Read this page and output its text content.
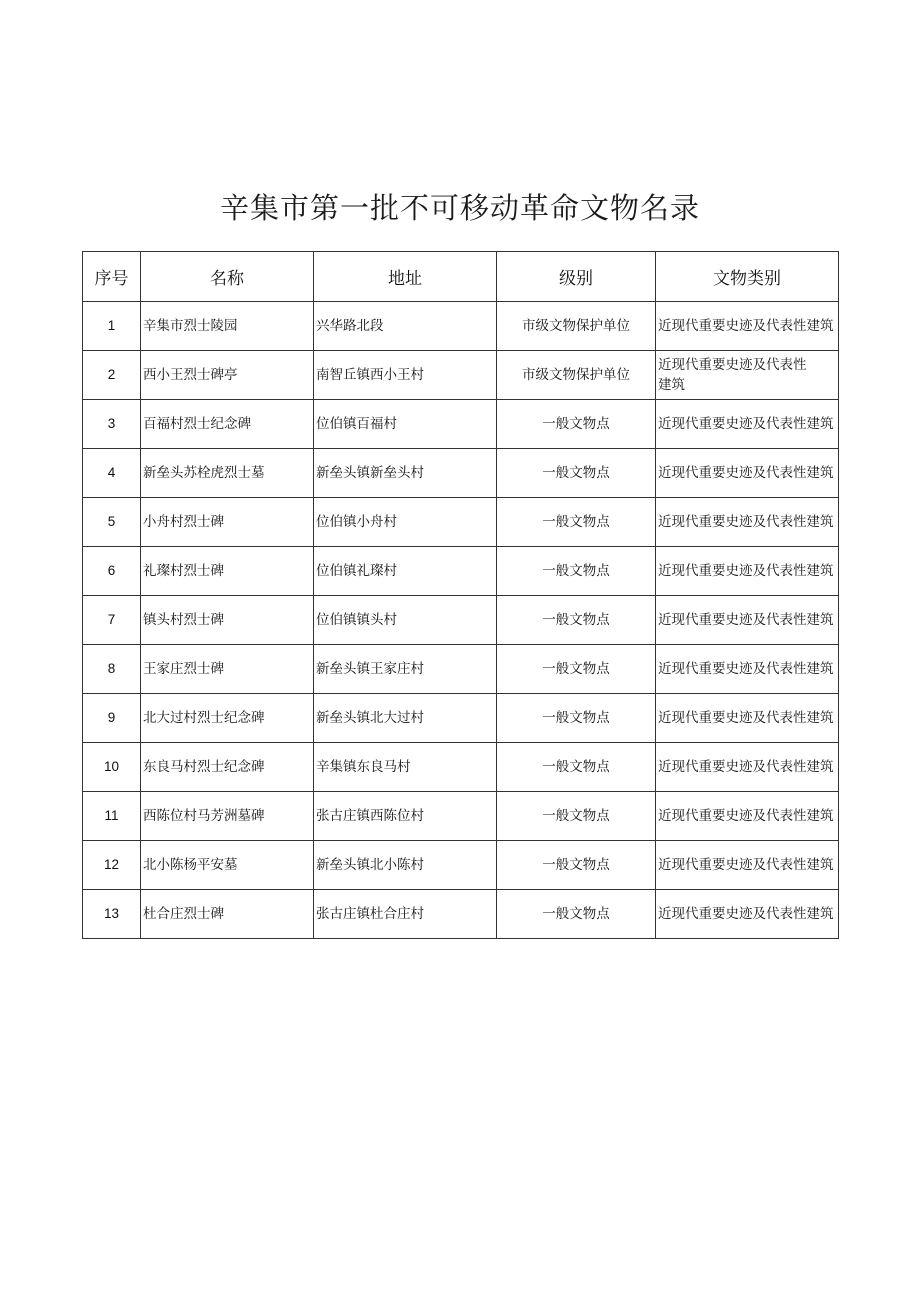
辛集市第一批不可移动革命文物名录
序号	名称	地址	级别	文物类别
1	辛集市烈士陵园	兴华路北段	市级文物保护单位	近现代重要史迹及代表性建筑
2	西小王烈士碑亭	南智丘镇西小王村	市级文物保护单位	近现代重要史迹及代表性建筑

3	百福村烈士纪念碑	位伯镇百福村	一般文物点	近现代重要史迹及代表性建筑
4	新垒头苏栓虎烈士墓	新垒头镇新垒头村	一般文物点	近现代重要史迹及代表性建筑
5	小舟村烈士碑	位伯镇小舟村	一般文物点	近现代重要史迹及代表性建筑
6	礼璨村烈士碑	位伯镇礼璨村	一般文物点	近现代重要史迹及代表性建筑
7	镇头村烈士碑	位伯镇镇头村	一般文物点	近现代重要史迹及代表性建筑
8	王家庄烈士碑	新垒头镇王家庄村	一般文物点	近现代重要史迹及代表性建筑
9	北大过村烈士纪念碑	新垒头镇北大过村	一般文物点	近现代重要史迹及代表性建筑
10	东良马村烈士纪念碑	辛集镇东良马村	一般文物点	近现代重要史迹及代表性建筑
11	西陈位村马芳洲墓碑	张古庄镇西陈位村	一般文物点	近现代重要史迹及代表性建筑
12	北小陈杨平安墓	新垒头镇北小陈村	一般文物点	近现代重要史迹及代表性建筑
13	杜合庄烈士碑	张古庄镇杜合庄村	一般文物点	近现代重要史迹及代表性建筑
